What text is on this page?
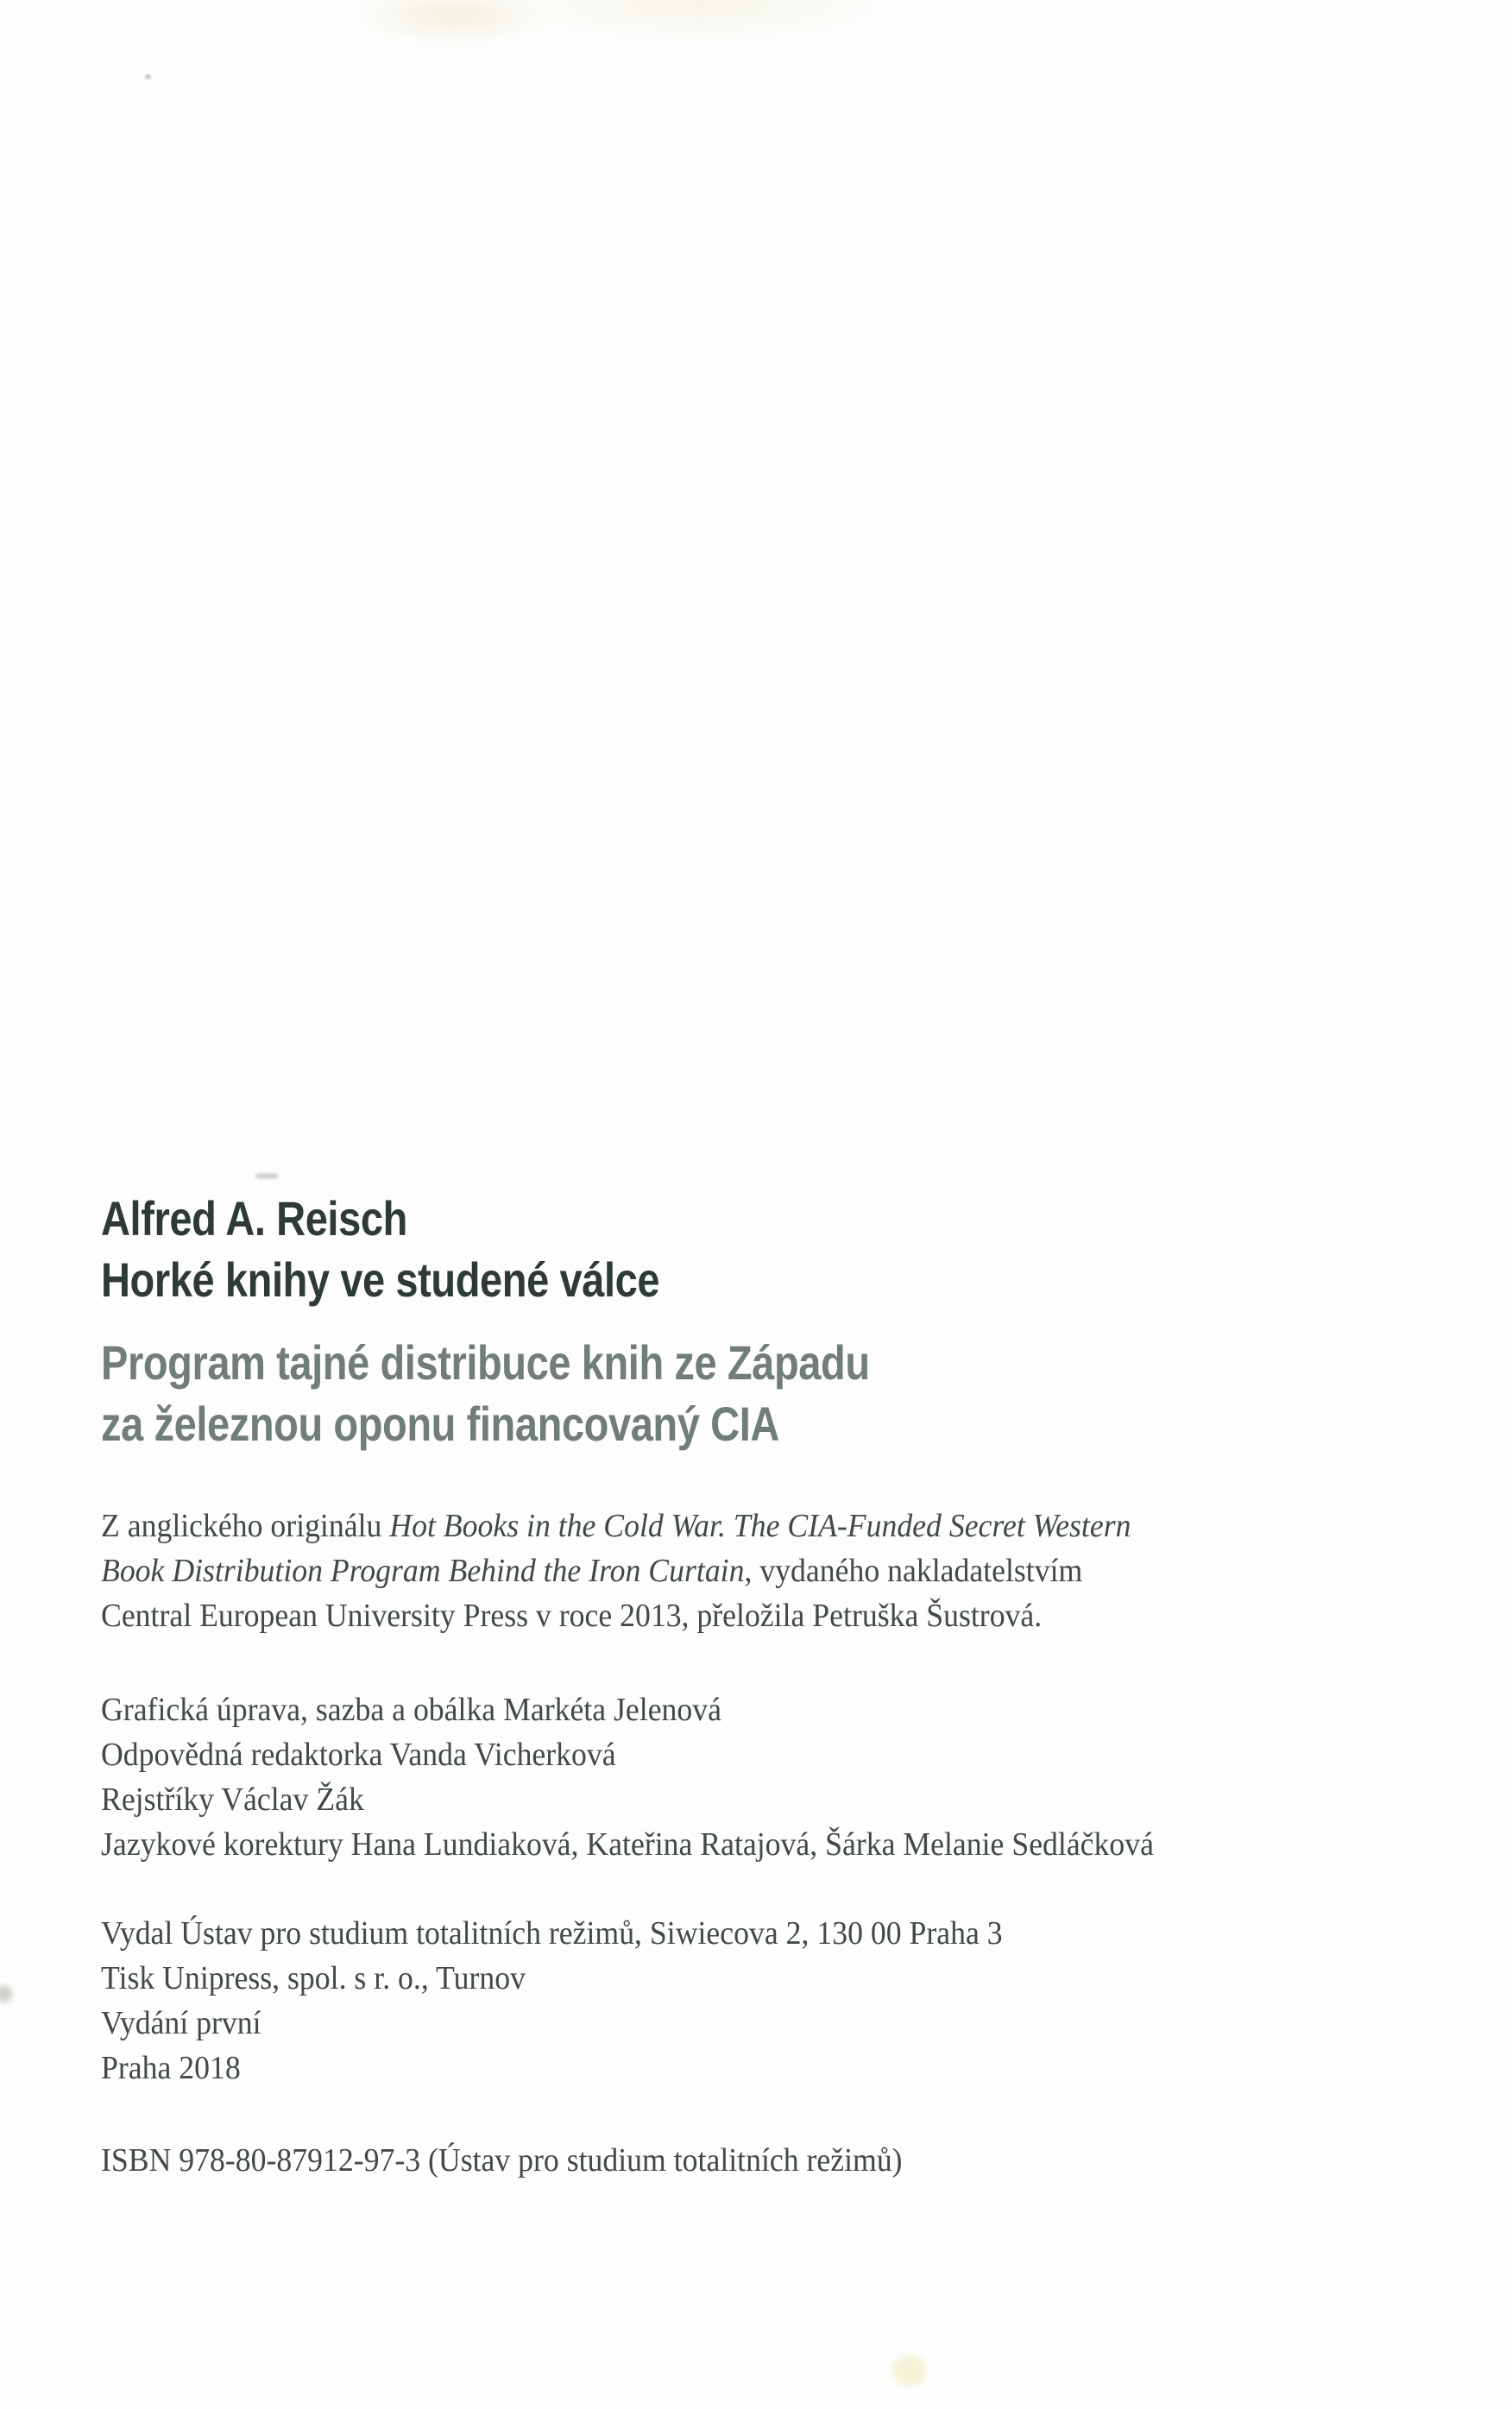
Alfred A. Reisch
Horké knihy ve studené válce
Program tajné distribuce knih ze Západu
za železnou oponu financovaný CIA
Z anglického originálu Hot Books in the Cold War. The CIA-Funded Secret Western
Book Distribution Program Behind the Iron Curtain, vydaného nakladatelstvím
Central European University Press v roce 2013, přeložila Petruška Šustrová.
Grafická úprava, sazba a obálka Markéta Jelenová
Odpovědná redaktorka Vanda Vicherková
Rejstříky Václav Žák
Jazykové korektury Hana Lundiaková, Kateřina Ratajová, Šárka Melanie Sedláčková
Vydal Ústav pro studium totalitních režimů, Siwiecova 2, 130 00 Praha 3
Tisk Unipress, spol. s r. o., Turnov
Vydání první
Praha 2018
ISBN 978-80-87912-97-3 (Ústav pro studium totalitních režimů)
